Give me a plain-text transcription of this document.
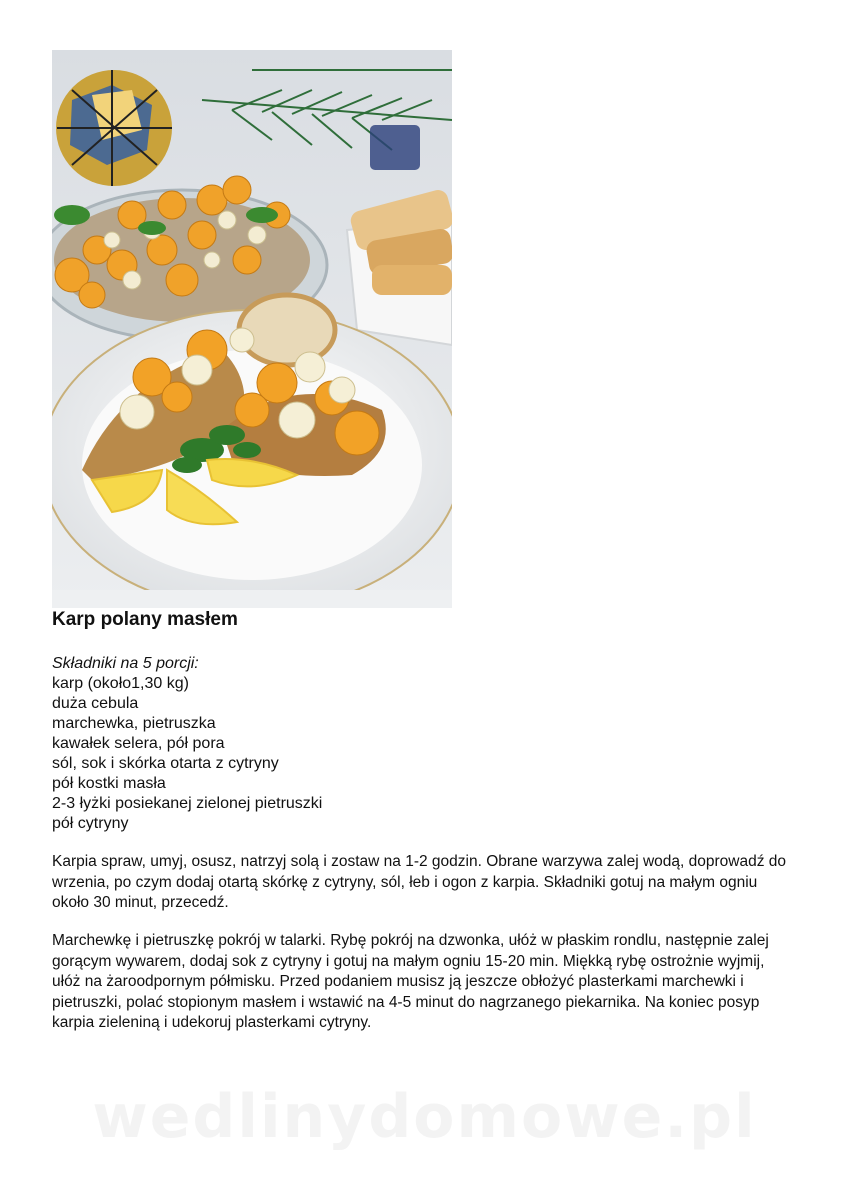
Karp polany masłem
Składniki na 5 porcji:
karp (około1,30 kg)
duża cebula
marchewka, pietruszka
kawałek selera, pół pora
sól, sok i skórka otarta z cytryny
pół kostki masła
2-3 łyżki posiekanej zielonej pietruszki
pół cytryny

Karpia spraw, umyj, osusz, natrzyj solą i zostaw na 1-2 godzin. Obrane warzywa zalej wodą, doprowadź do wrzenia, po czym dodaj otartą skórkę z cytryny, sól, łeb i ogon z karpia. Składniki gotuj na małym ogniu około 30 minut, przecedź.

Marchewkę i pietruszkę pokrój w talarki. Rybę pokrój na dzwonka, ułóż w płaskim rondlu, następnie zalej gorącym wywarem, dodaj sok z cytryny i gotuj na małym ogniu 15-20 min. Miękką rybę ostrożnie wyjmij, ułóż na żaroodpornym półmisku. Przed podaniem musisz ją jeszcze obłożyć plasterkami marchewki i pietruszki, polać stopionym masłem i wstawić na 4-5 minut do nagrzanego piekarnika. Na koniec posyp karpia zieleniną i udekoruj plasterkami cytryny.

wedlinydomowe.pl
